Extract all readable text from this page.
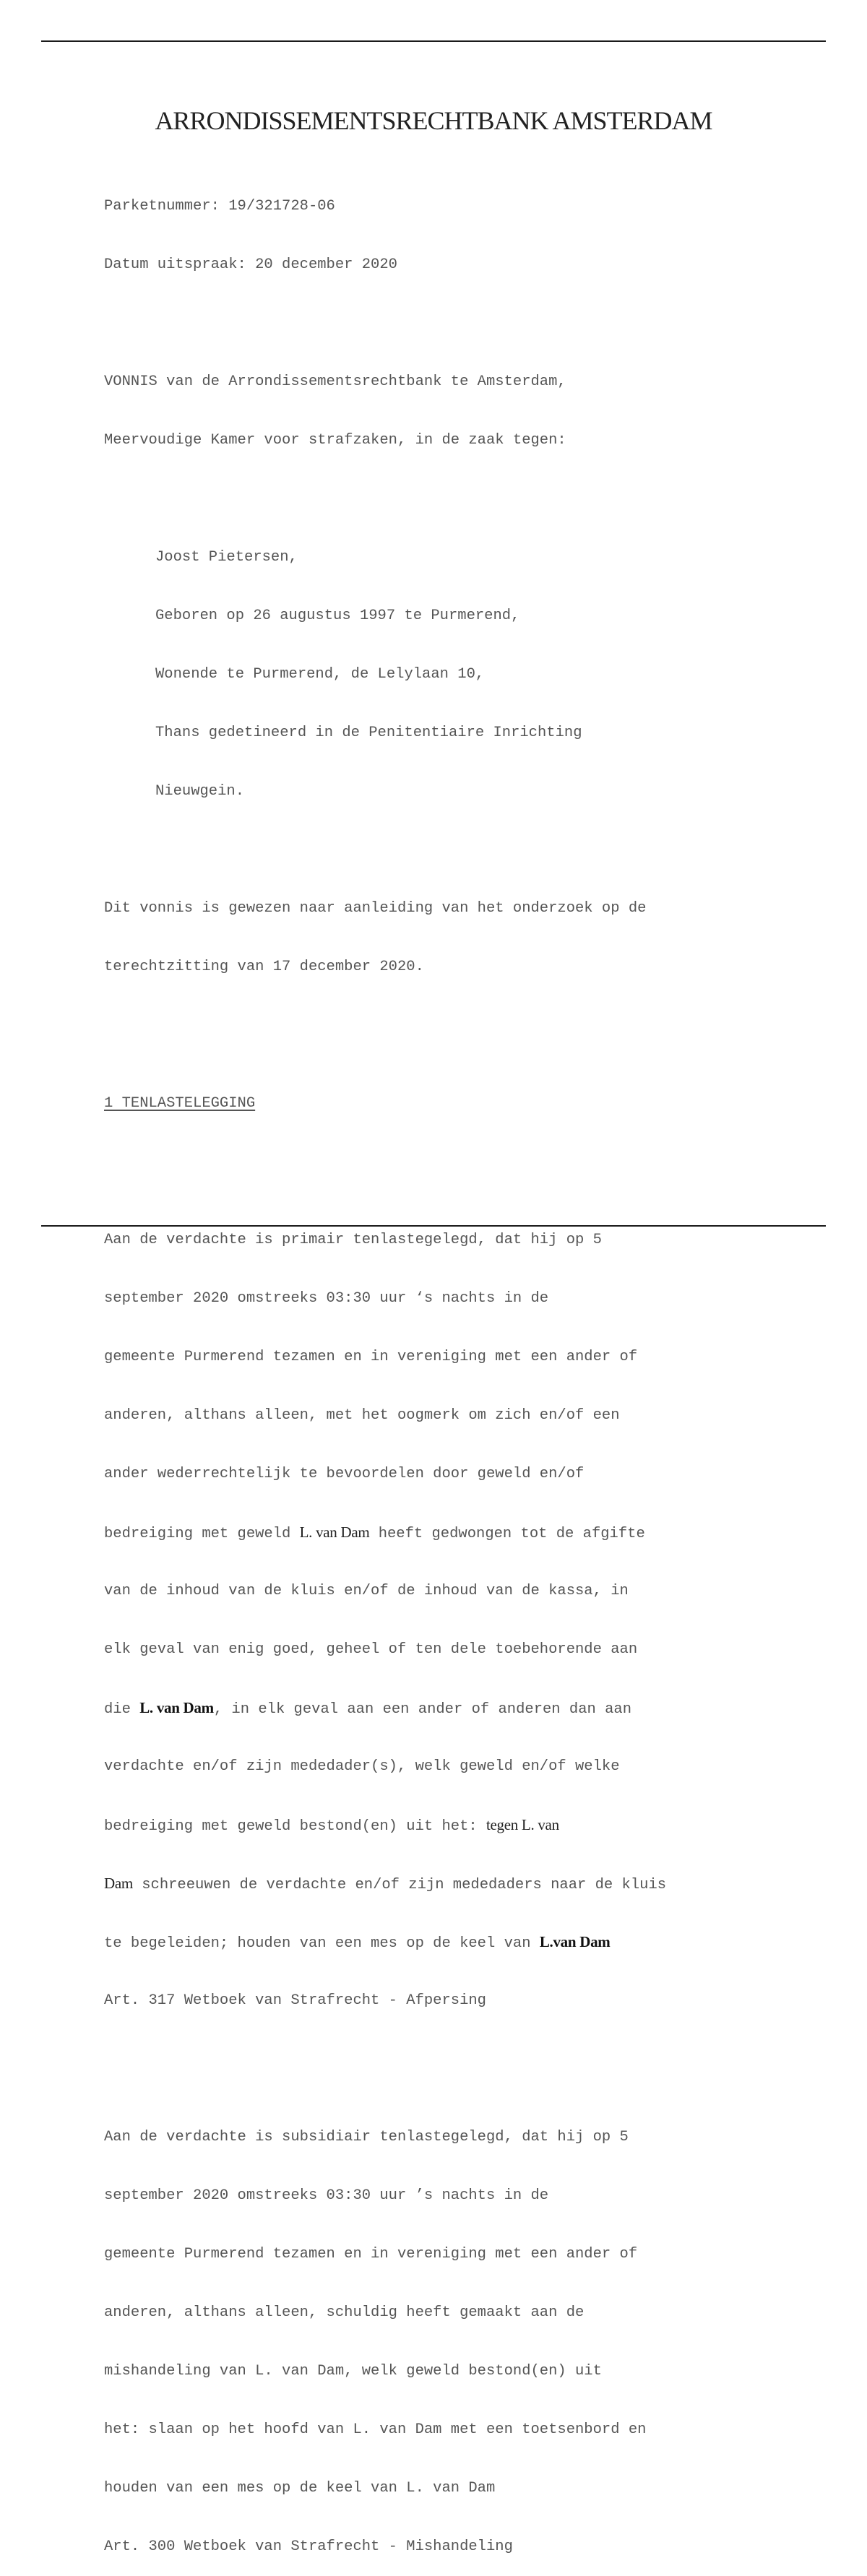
ARRONDISSEMENTSRECHTBANK AMSTERDAM

Parketnummer: 19/321728-06

Datum uitspraak: 20 december 2020

VONNIS van de Arrondissementsrechtbank te Amsterdam,

Meervoudige Kamer voor strafzaken, in de zaak tegen:

Joost Pietersen,

Geboren op 26 augustus 1997 te Purmerend,

Wonende te Purmerend, de Lelylaan 10,

Thans gedetineerd in de Penitentiaire Inrichting

Nieuwgein.

Dit vonnis is gewezen naar aanleiding van het onderzoek op de

terechtzitting van 17 december 2020.

1 TENLASTELEGGING

Aan de verdachte is primair tenlastegelegd, dat hij op 5

september 2020 omstreeks 03:30 uur ‘s nachts in de

gemeente Purmerend tezamen en in vereniging met een ander of

anderen, althans alleen, met het oogmerk om zich en/of een

ander wederrechtelijk te bevoordelen door geweld en/of

bedreiging met geweld L. van Dam heeft gedwongen tot de afgifte

van de inhoud van de kluis en/of de inhoud van de kassa, in

elk geval van enig goed, geheel of ten dele toebehorende aan

die L. van Dam, in elk geval aan een ander of anderen dan aan

verdachte en/of zijn mededader(s), welk geweld en/of welke

bedreiging met geweld bestond(en) uit het: tegen L. van

Dam schreeuwen de verdachte en/of zijn mededaders naar de kluis

te begeleiden; houden van een mes op de keel van L.van Dam

Art. 317 Wetboek van Strafrecht - Afpersing

Aan de verdachte is subsidiair tenlastegelegd, dat hij op 5

september 2020 omstreeks 03:30 uur ’s nachts in de

gemeente Purmerend tezamen en in vereniging met een ander of

anderen, althans alleen, schuldig heeft gemaakt aan de

mishandeling van L. van Dam, welk geweld bestond(en) uit

het: slaan op het hoofd van L. van Dam met een toetsenbord en

houden van een mes op de keel van L. van Dam

Art. 300 Wetboek van Strafrecht - Mishandeling
